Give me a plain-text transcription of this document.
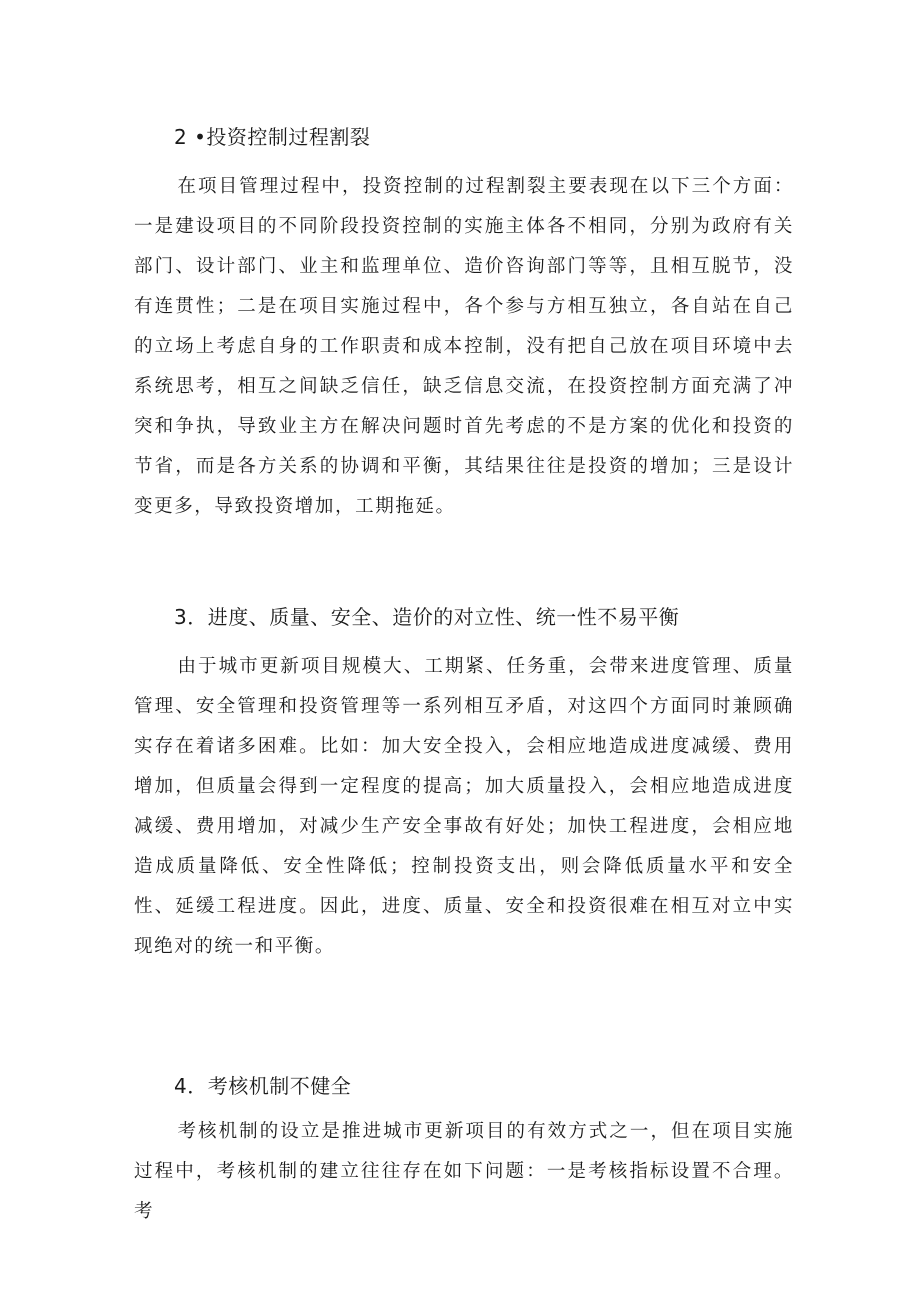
2 •投资控制过程割裂

在项目管理过程中，投资控制的过程割裂主要表现在以下三个方面：一是建设项目的不同阶段投资控制的实施主体各不相同，分别为政府有关部门、设计部门、业主和监理单位、造价咨询部门等等，且相互脱节，没有连贯性；二是在项目实施过程中，各个参与方相互独立，各自站在自己的立场上考虑自身的工作职责和成本控制，没有把自己放在项目环境中去系统思考，相互之间缺乏信任，缺乏信息交流，在投资控制方面充满了冲突和争执，导致业主方在解决问题时首先考虑的不是方案的优化和投资的节省，而是各方关系的协调和平衡，其结果往往是投资的增加；三是设计变更多，导致投资增加，工期拖延。

3．进度、质量、安全、造价的对立性、统一性不易平衡

由于城市更新项目规模大、工期紧、任务重，会带来进度管理、质量管理、安全管理和投资管理等一系列相互矛盾，对这四个方面同时兼顾确实存在着诸多困难。比如：加大安全投入，会相应地造成进度减缓、费用增加，但质量会得到一定程度的提高；加大质量投入，会相应地造成进度减缓、费用增加，对减少生产安全事故有好处；加快工程进度，会相应地造成质量降低、安全性降低；控制投资支出，则会降低质量水平和安全性、延缓工程进度。因此，进度、质量、安全和投资很难在相互对立中实现绝对的统一和平衡。

4．考核机制不健全

考核机制的设立是推进城市更新项目的有效方式之一，但在项目实施过程中，考核机制的建立往往存在如下问题：一是考核指标设置不合理。考
